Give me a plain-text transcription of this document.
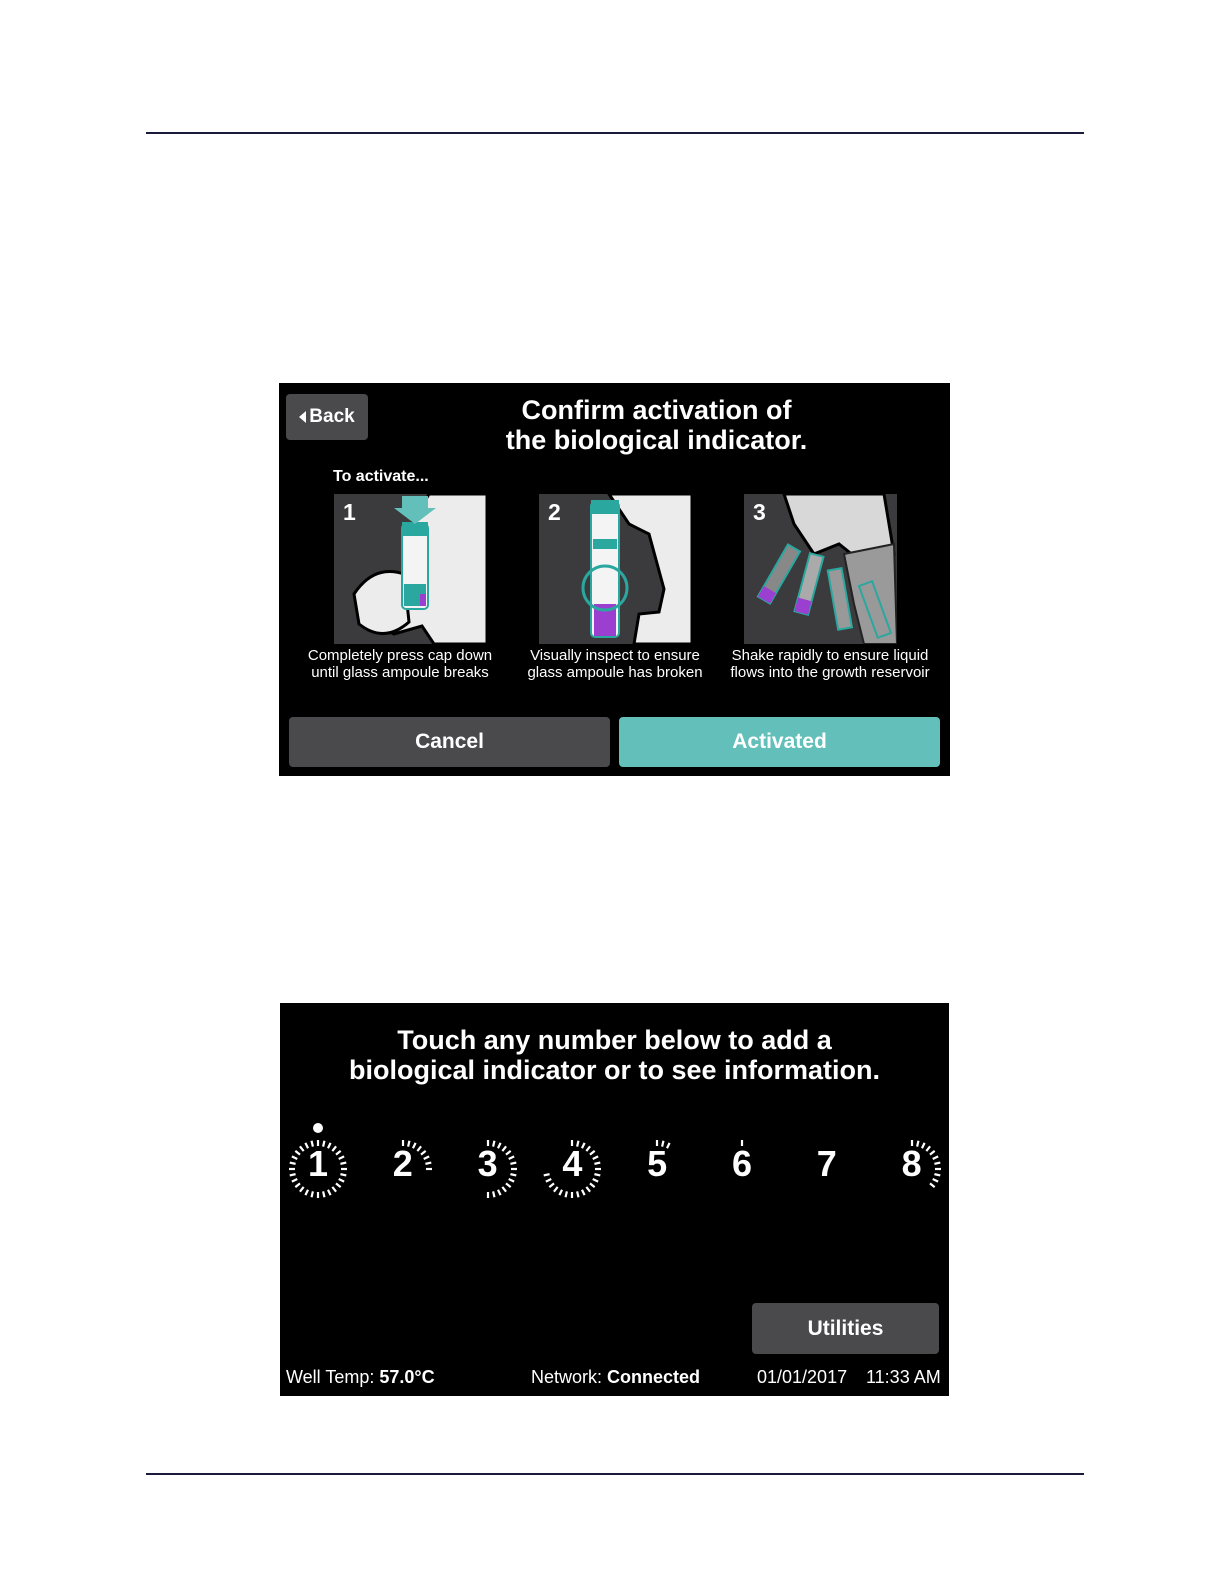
Back	Confirm activation of
the biological indicator.
To activate...
1	2	3
Completely press cap down
until glass ampoule breaks
Visually inspect to ensure
glass ampoule has broken
Shake rapidly to ensure liquid
flows into the growth reservoir
Cancel	Activated
Touch any number below to add a
biological indicator or to see information.
1	2	3	4	5	6	7	8
Utilities
Well Temp: 57.0°C	Network: Connected	01/01/2017 11:33 AM
